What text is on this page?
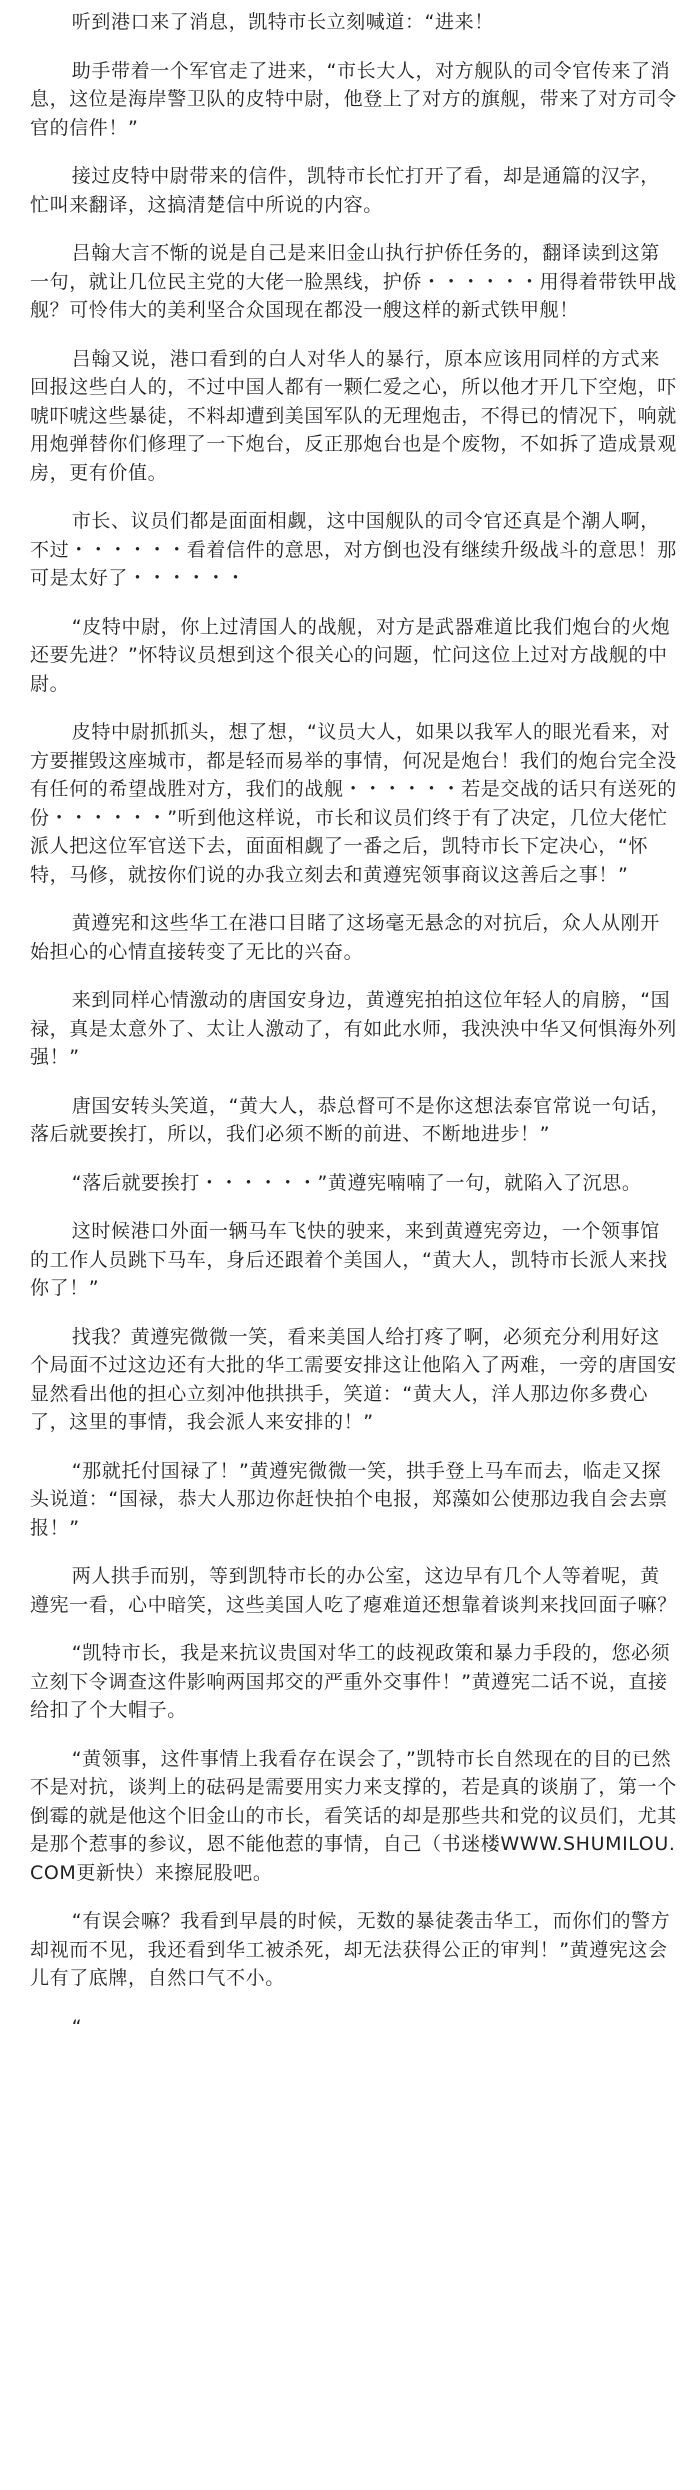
听到港口来了消息，凯特市长立刻喊道：“进来！

助手带着一个军官走了进来，“市长大人，对方舰队的司令官传来了消息，这位是海岸警卫队的皮特中尉，他登上了对方的旗舰，带来了对方司令官的信件！”

接过皮特中尉带来的信件，凯特市长忙打开了看，却是通篇的汉字，忙叫来翻译，这搞清楚信中所说的内容。

吕翰大言不惭的说是自己是来旧金山执行护侨任务的，翻译读到这第一句，就让几位民主党的大佬一脸黑线，护侨・・・・・・用得着带铁甲战舰？可怜伟大的美利坚合众国现在都没一艘这样的新式铁甲舰！

吕翰又说，港口看到的白人对华人的暴行，原本应该用同样的方式来回报这些白人的，不过中国人都有一颗仁爱之心，所以他才开几下空炮，吓唬吓唬这些暴徒，不料却遭到美国军队的无理炮击，不得已的情况下，响就用炮弹替你们修理了一下炮台，反正那炮台也是个废物，不如拆了造成景观房，更有价值。

市长、议员们都是面面相觑，这中国舰队的司令官还真是个潮人啊，不过・・・・・・看着信件的意思，对方倒也没有继续升级战斗的意思！那可是太好了・・・・・・

“皮特中尉，你上过清国人的战舰，对方是武器难道比我们炮台的火炮还要先进？”怀特议员想到这个很关心的问题，忙问这位上过对方战舰的中尉。

皮特中尉抓抓头，想了想，“议员大人，如果以我军人的眼光看来，对方要摧毁这座城市，都是轻而易举的事情，何况是炮台！我们的炮台完全没有任何的希望战胜对方，我们的战舰・・・・・・若是交战的话只有送死的份・・・・・・”听到他这样说，市长和议员们终于有了决定，几位大佬忙派人把这位军官送下去，面面相觑了一番之后，凯特市长下定决心，“怀特，马修，就按你们说的办我立刻去和黄遵宪领事商议这善后之事！”

黄遵宪和这些华工在港口目睹了这场毫无悬念的对抗后，众人从刚开始担心的心情直接转变了无比的兴奋。

来到同样心情激动的唐国安身边，黄遵宪拍拍这位年轻人的肩膀，“国禄，真是太意外了、太让人激动了，有如此水师，我泱泱中华又何惧海外列强！”

唐国安转头笑道，“黄大人，恭总督可不是你这想法泰官常说一句话，落后就要挨打，所以，我们必须不断的前进、不断地进步！”

“落后就要挨打・・・・・・”黄遵宪喃喃了一句，就陷入了沉思。

这时候港口外面一辆马车飞快的驶来，来到黄遵宪旁边，一个领事馆的工作人员跳下马车，身后还跟着个美国人，“黄大人，凯特市长派人来找你了！”

找我？黄遵宪微微一笑，看来美国人给打疼了啊，必须充分利用好这个局面不过这边还有大批的华工需要安排这让他陷入了两难，一旁的唐国安显然看出他的担心立刻冲他拱拱手，笑道：“黄大人，洋人那边你多费心了，这里的事情，我会派人来安排的！”

“那就托付国禄了！”黄遵宪微微一笑，拱手登上马车而去，临走又探头说道：“国禄，恭大人那边你赶快拍个电报，郑藻如公使那边我自会去禀报！”

两人拱手而别，等到凯特市长的办公室，这边早有几个人等着呢，黄遵宪一看，心中暗笑，这些美国人吃了瘪难道还想靠着谈判来找回面子嘛？

“凯特市长，我是来抗议贵国对华工的歧视政策和暴力手段的，您必须立刻下令调查这件影响两国邦交的严重外交事件！”黄遵宪二话不说，直接给扣了个大帽子。

“黄领事，这件事情上我看存在误会了，”凯特市长自然现在的目的已然不是对抗，谈判上的砝码是需要用实力来支撑的，若是真的谈崩了，第一个倒霉的就是他这个旧金山的市长，看笑话的却是那些共和党的议员们，尤其是那个惹事的参议，恩不能他惹的事情，自己（书迷楼WWW.SHUMILOU.COM更新快）来擦屁股吧。

“有误会嘛？我看到早晨的时候，无数的暴徒袭击华工，而你们的警方却视而不见，我还看到华工被杀死，却无法获得公正的审判！”黄遵宪这会儿有了底牌，自然口气不小。

“
